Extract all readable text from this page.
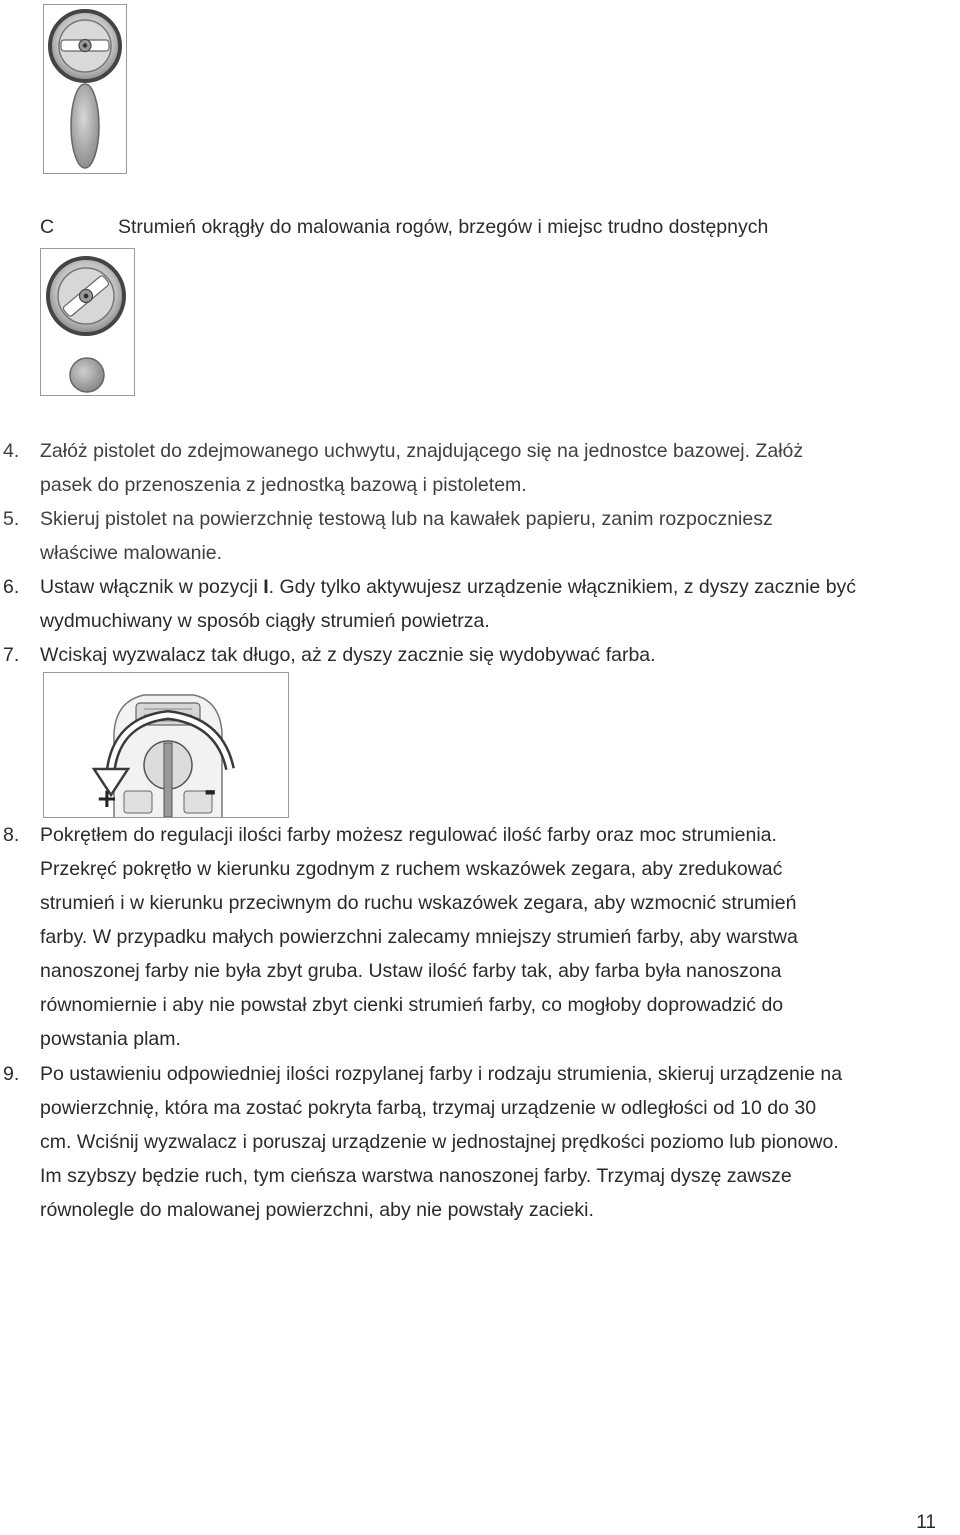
C	Strumień okrągły do malowania rogów, brzegów i miejsc trudno dostępnych
4. Załóż pistolet do zdejmowanego uchwytu, znajdującego się na jednostce bazowej. Załóż
pasek do przenoszenia z jednostką bazową i pistoletem.
5. Skieruj pistolet na powierzchnię testową lub na kawałek papieru, zanim rozpoczniesz
właściwe malowanie.
6. Ustaw włącznik w pozycji I. Gdy tylko aktywujesz urządzenie włącznikiem, z dyszy zacznie być
wydmuchiwany w sposób ciągły strumień powietrza.
7. Wciskaj wyzwalacz tak długo, aż z dyszy zacznie się wydobywać farba.
+	-
8. Pokrętłem do regulacji ilości farby możesz regulować ilość farby oraz moc strumienia.
Przekręć pokrętło w kierunku zgodnym z ruchem wskazówek zegara, aby zredukować
strumień i w kierunku przeciwnym do ruchu wskazówek zegara, aby wzmocnić strumień
farby. W przypadku małych powierzchni zalecamy mniejszy strumień farby, aby warstwa
nanoszonej farby nie była zbyt gruba. Ustaw ilość farby tak, aby farba była nanoszona
równomiernie i aby nie powstał zbyt cienki strumień farby, co mogłoby doprowadzić do
powstania plam.
9. Po ustawieniu odpowiedniej ilości rozpylanej farby i rodzaju strumienia, skieruj urządzenie na
powierzchnię, która ma zostać pokryta farbą, trzymaj urządzenie w odległości od 10 do 30
cm. Wciśnij wyzwalacz i poruszaj urządzenie w jednostajnej prędkości poziomo lub pionowo.
Im szybszy będzie ruch, tym cieńsza warstwa nanoszonej farby. Trzymaj dyszę zawsze
równolegle do malowanej powierzchni, aby nie powstały zacieki.
11
